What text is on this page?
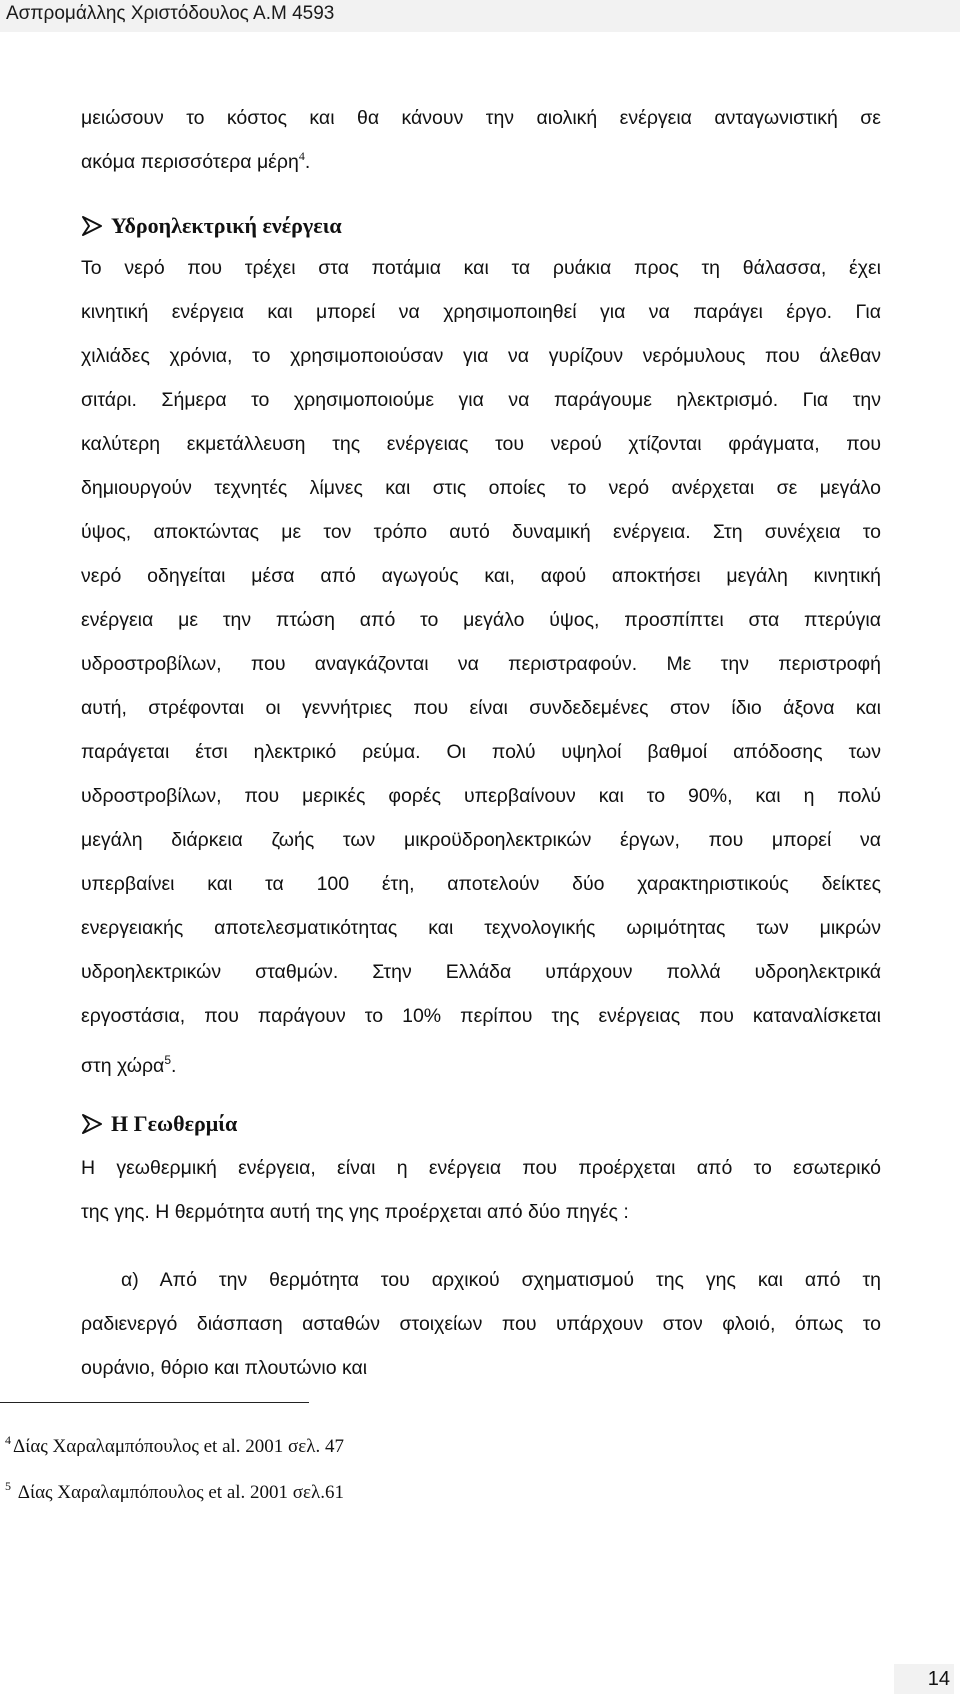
Ασπρομάλλης Χριστόδουλος Α.Μ 4593
μειώσουν το κόστος και θα κάνουν την αιολική ενέργεια ανταγωνιστική σε
ακόμα περισσότερα μέρη$^4$.
Υδροηλεκτρική ενέργεια
Το νερό που τρέχει στα ποτάμια και τα ρυάκια προς τη θάλασσα, έχει
κινητική ενέργεια και μπορεί να χρησιμοποιηθεί για να παράγει έργο. Για
χιλιάδες χρόνια, το χρησιμοποιούσαν για να γυρίζουν νερόμυλους που άλεθαν
σιτάρι. Σήμερα το χρησιμοποιούμε για να παράγουμε ηλεκτρισμό. Για την
καλύτερη εκμετάλλευση της ενέργειας του νερού χτίζονται φράγματα, που
δημιουργούν τεχνητές λίμνες και στις οποίες το νερό ανέρχεται σε μεγάλο
ύψος, αποκτώντας με τον τρόπο αυτό δυναμική ενέργεια. Στη συνέχεια το
νερό οδηγείται μέσα από αγωγούς και, αφού αποκτήσει μεγάλη κινητική
ενέργεια με την πτώση από το μεγάλο ύψος, προσπίπτει στα πτερύγια
υδροστροβίλων, που αναγκάζονται να περιστραφούν. Με την περιστροφή
αυτή, στρέφονται οι γεννήτριες που είναι συνδεδεμένες στον ίδιο άξονα και
παράγεται έτσι ηλεκτρικό ρεύμα. Οι πολύ υψηλοί βαθμοί απόδοσης των
υδροστροβίλων, που μερικές φορές υπερβαίνουν και το 90%, και η πολύ
μεγάλη διάρκεια ζωής των μικροϋδροηλεκτρικών έργων, που μπορεί να
υπερβαίνει και τα 100 έτη, αποτελούν δύο χαρακτηριστικούς δείκτες
ενεργειακής αποτελεσματικότητας και τεχνολογικής ωριμότητας των μικρών
υδροηλεκτρικών σταθμών. Στην Ελλάδα υπάρχουν πολλά υδροηλεκτρικά
εργοστάσια, που παράγουν το 10% περίπου της ενέργειας που καταναλίσκεται
στη χώρα$^5$.
Η Γεωθερμία
Η γεωθερμική ενέργεια, είναι η ενέργεια που προέρχεται από το εσωτερικό
της γης. Η θερμότητα αυτή της γης προέρχεται από δύο πηγές :
α) Από την θερμότητα του αρχικού σχηματισμού της γης και από τη
ραδιενεργό διάσπαση ασταθών στοιχείων που υπάρχουν στον φλοιό, όπως το
ουράνιο, θόριο και πλουτώνιο και
$^4$ Δίας Χαραλαμπόπουλος et al. 2001 σελ. 47
$^5$ Δίας Χαραλαμπόπουλος et al. 2001 σελ.61
14
